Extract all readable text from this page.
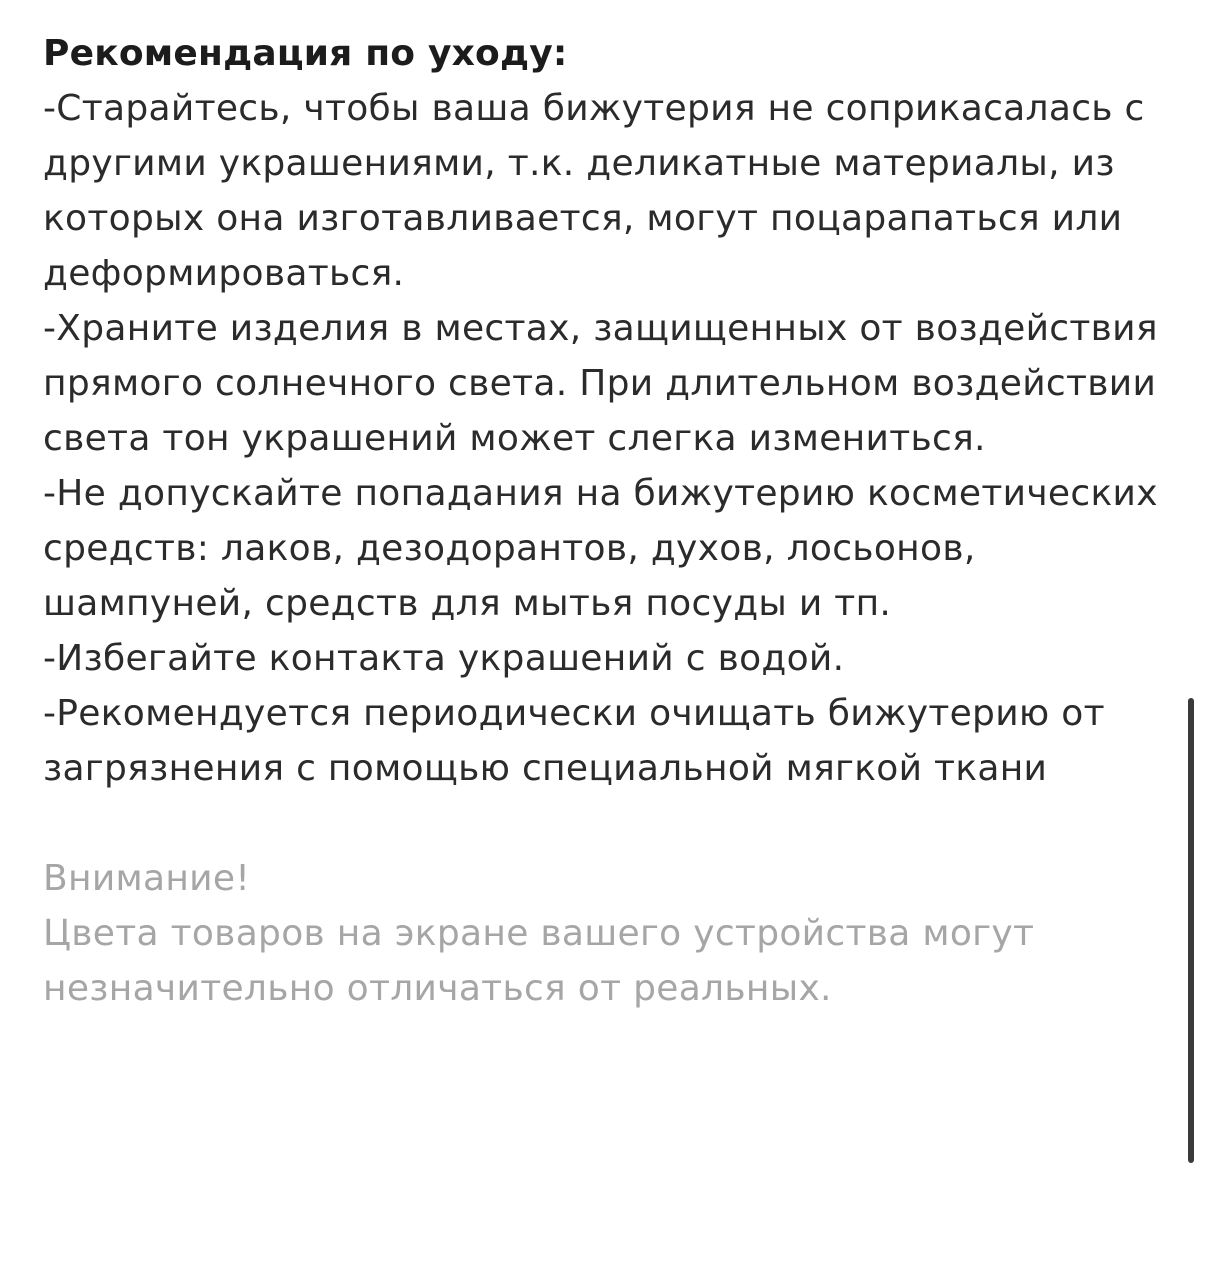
Рекомендация по уходу:

-Старайтесь, чтобы ваша бижутерия не соприкасалась с другими украшениями, т.к. деликатные материалы, из которых она изготавливается, могут поцарапаться или деформироваться.

-Храните изделия в местах, защищенных от воздействия прямого солнечного света. При длительном воздействии света тон украшений может слегка измениться.

-Не допускайте попадания на бижутерию косметических средств: лаков, дезодорантов, духов, лосьонов, шампуней, средств для мытья посуды и тп.

-Избегайте контакта украшений с водой.

-Рекомендуется периодически очищать бижутерию от загрязнения с помощью специальной мягкой ткани

Внимание!

Цвета товаров на экране вашего устройства могут незначительно отличаться от реальных.
